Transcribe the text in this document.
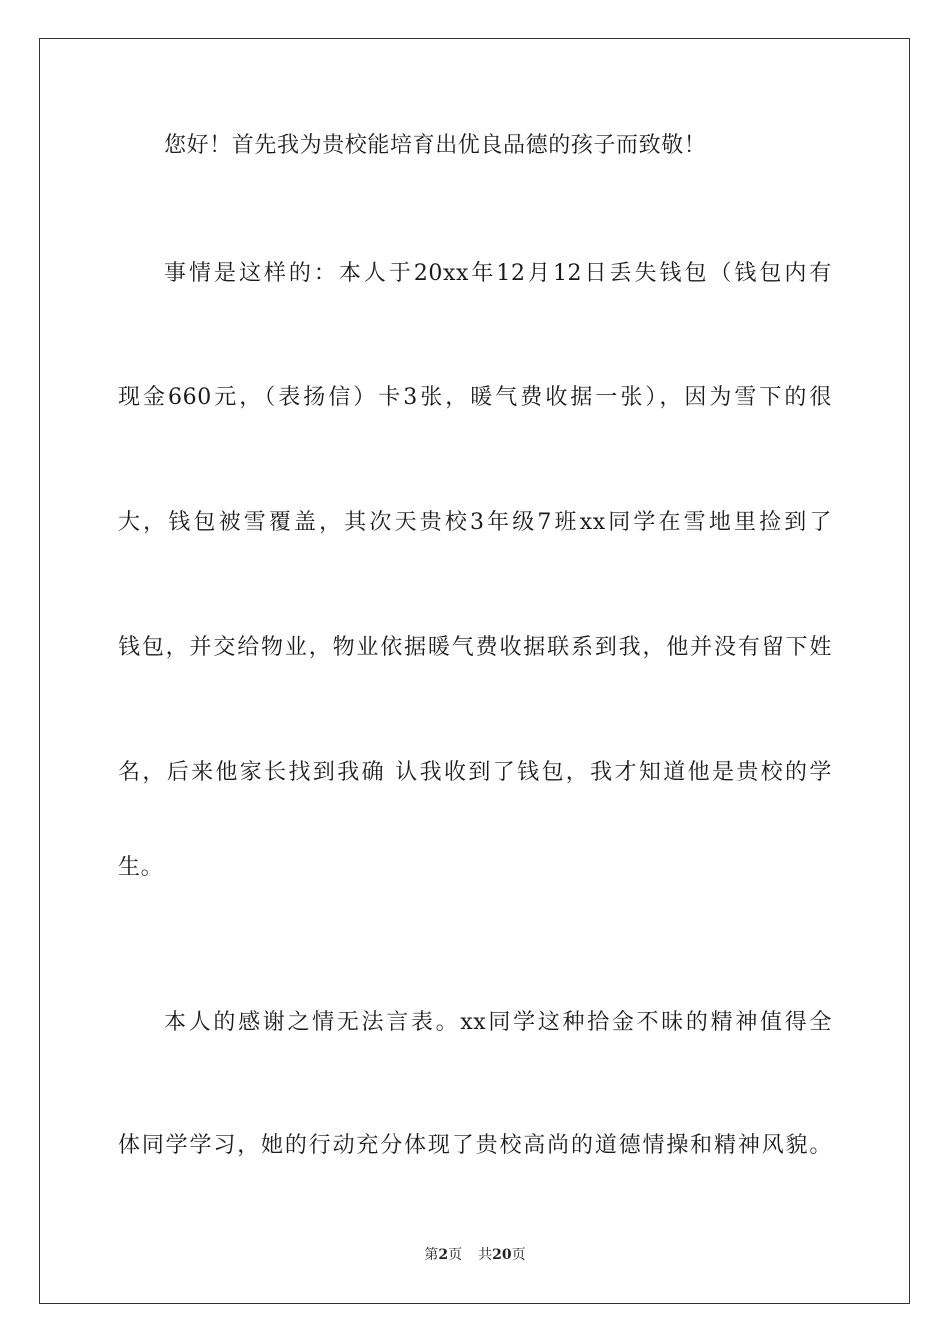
您好！首先我为贵校能培育出优良品德的孩子而致敬！
事情是这样的：本人于20xx年12月12日丢失钱包（钱包内有
现金660元，（表扬信）卡3张，暖气费收据一张），因为雪下的很
大，钱包被雪覆盖，其次天贵校3年级7班xx同学在雪地里捡到了
钱包，并交给物业，物业依据暖气费收据联系到我，他并没有留下姓
名，后来他家长找到我确 认我收到了钱包，我才知道他是贵校的学
生。
本人的感谢之情无法言表。xx同学这种拾金不昧的精神值得全
体同学学习，她的行动充分体现了贵校高尚的道德情操和精神风貌。
第2页 共20页
